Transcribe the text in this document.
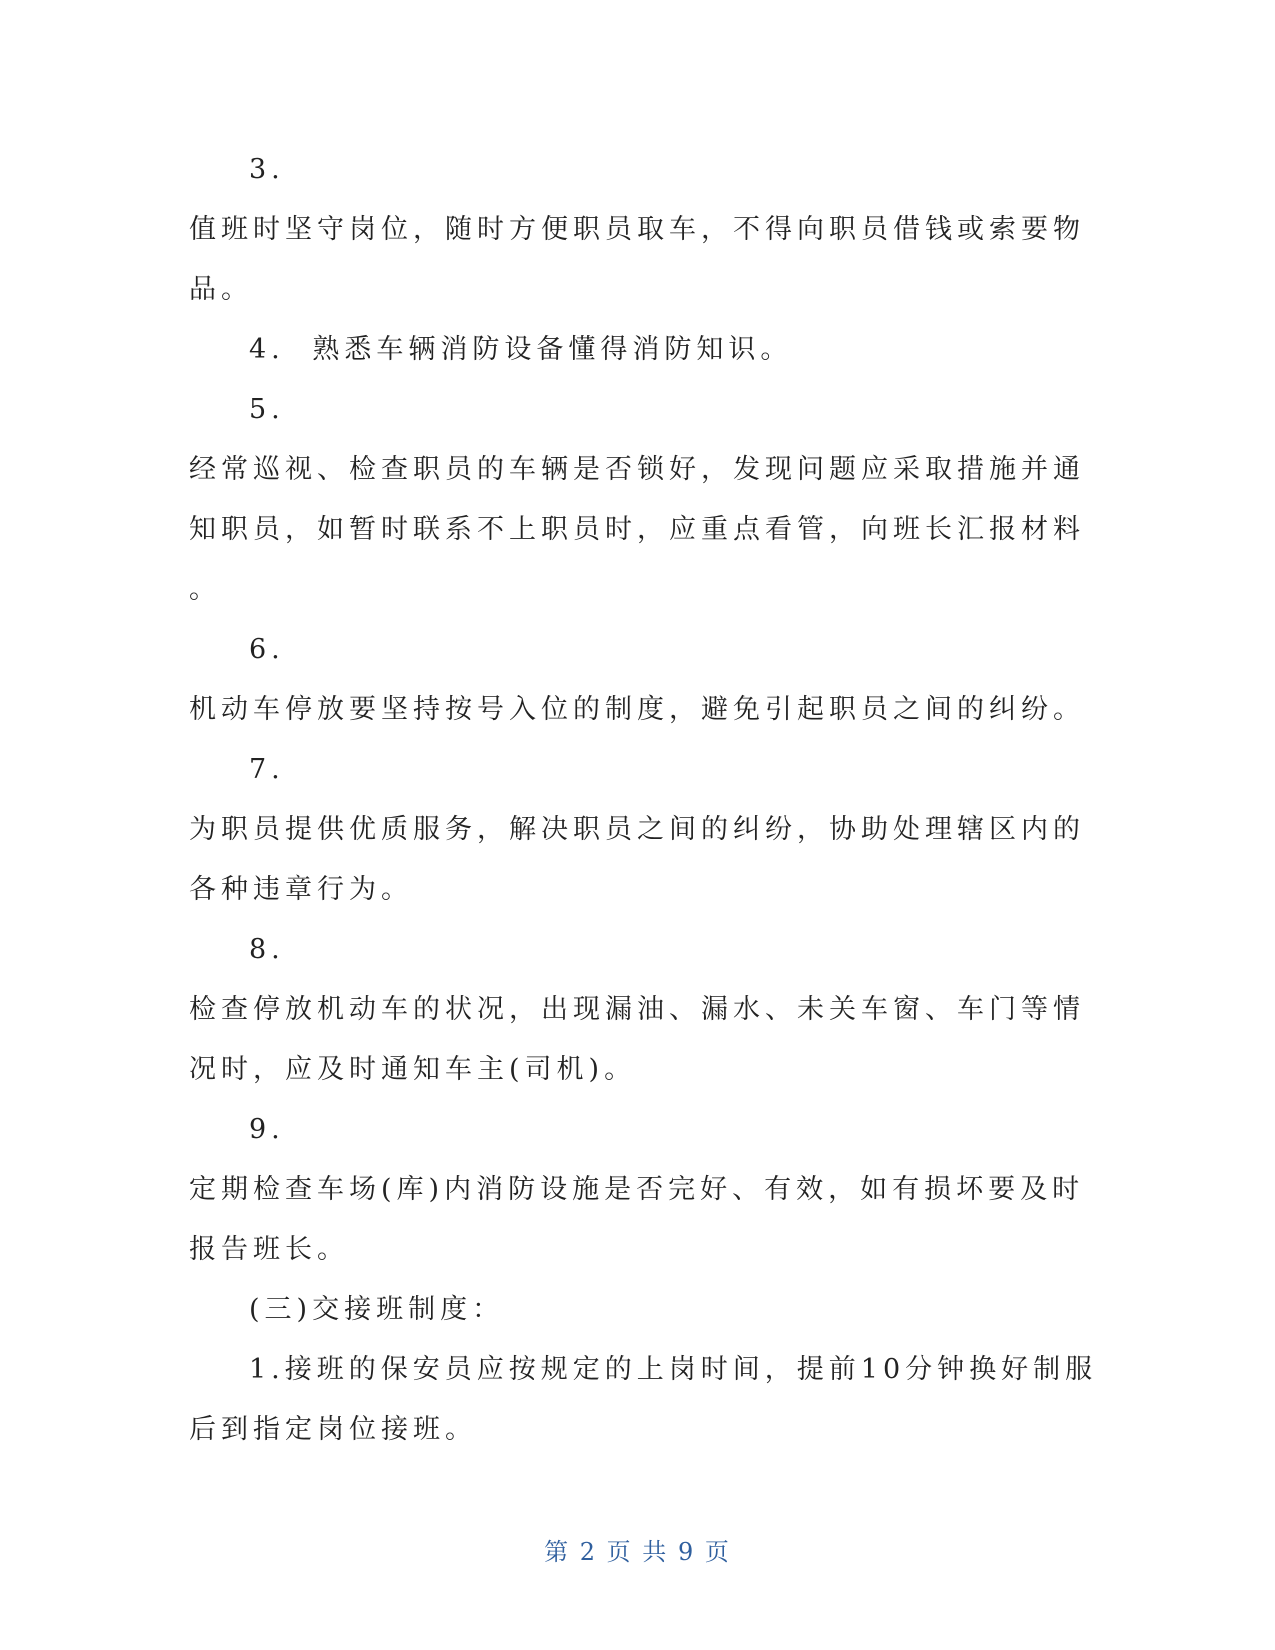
3.
值班时坚守岗位，随时方便职员取车，不得向职员借钱或索要物
品。
4. 熟悉车辆消防设备懂得消防知识。
5.
经常巡视、检查职员的车辆是否锁好，发现问题应采取措施并通
知职员，如暂时联系不上职员时，应重点看管，向班长汇报材料
。
6.
机动车停放要坚持按号入位的制度，避免引起职员之间的纠纷。
7.
为职员提供优质服务，解决职员之间的纠纷，协助处理辖区内的
各种违章行为。
8.
检查停放机动车的状况，出现漏油、漏水、未关车窗、车门等情
况时，应及时通知车主(司机)。
9.
定期检查车场(库)内消防设施是否完好、有效，如有损坏要及时
报告班长。
(三)交接班制度：
1.接班的保安员应按规定的上岗时间，提前10分钟换好制服
后到指定岗位接班。
第 2 页 共 9 页
